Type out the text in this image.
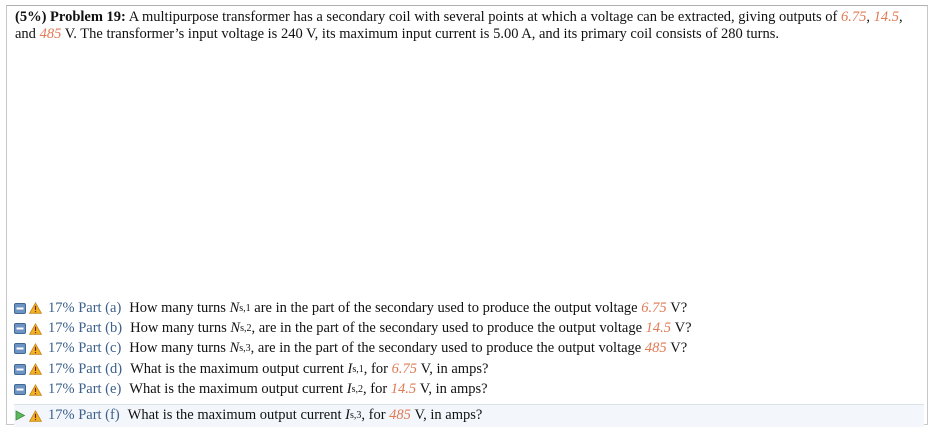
(5%) Problem 19: A multipurpose transformer has a secondary coil with several points at which a voltage can be extracted, giving outputs of 6.75, 14.5, and 485 V. The transformer’s input voltage is 240 V, its maximum input current is 5.00 A, and its primary coil consists of 280 turns.
17% Part (a) How many turns
N s,1
are in the part of the secondary used to produce the output voltage
6.75
V?
17% Part (b) How many turns
N s,2 , are in the part of the secondary used to produce the output voltage
14.5
V?
17% Part (c) How many turns
N s,3 , are in the part of the secondary used to produce the output voltage
485
V?
17% Part (d) What is the maximum output current
I s,1 , for
6.75
V, in amps?
17% Part (e) What is the maximum output current
I s,2 , for
14.5
V, in amps?
17% Part (f) What is the maximum output current
I s,3 , for
485
V, in amps?
